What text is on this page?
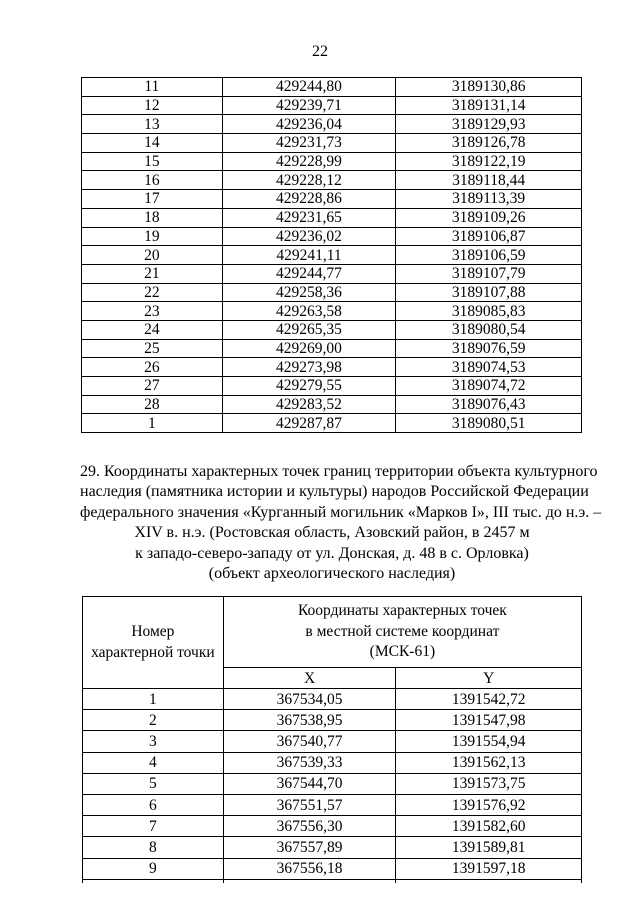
22
11	429244,80	3189130,86
12	429239,71	3189131,14
13	429236,04	3189129,93
14	429231,73	3189126,78
15	429228,99	3189122,19
16	429228,12	3189118,44
17	429228,86	3189113,39
18	429231,65	3189109,26
19	429236,02	3189106,87
20	429241,11	3189106,59
21	429244,77	3189107,79
22	429258,36	3189107,88
23	429263,58	3189085,83
24	429265,35	3189080,54
25	429269,00	3189076,59
26	429273,98	3189074,53
27	429279,55	3189074,72
28	429283,52	3189076,43
1	429287,87	3189080,51
29. Координаты характерных точек границ территории объекта культурного
наследия (памятника истории и культуры) народов Российской Федерации
федерального значения «Курганный могильник «Марков I», III тыс. до н.э. –
XIV в. н.э. (Ростовская область, Азовский район, в 2457 м
к западо-северо-западу от ул. Донская, д. 48 в с. Орловка)
(объект археологического наследия)
Номер
характерной точки	Координаты характерных точек
в местной системе координат
(МСК-61)	
	X	Y
1	367534,05	1391542,72
2	367538,95	1391547,98
3	367540,77	1391554,94
4	367539,33	1391562,13
5	367544,70	1391573,75
6	367551,57	1391576,92
7	367556,30	1391582,60
8	367557,89	1391589,81
9	367556,18	1391597,18
